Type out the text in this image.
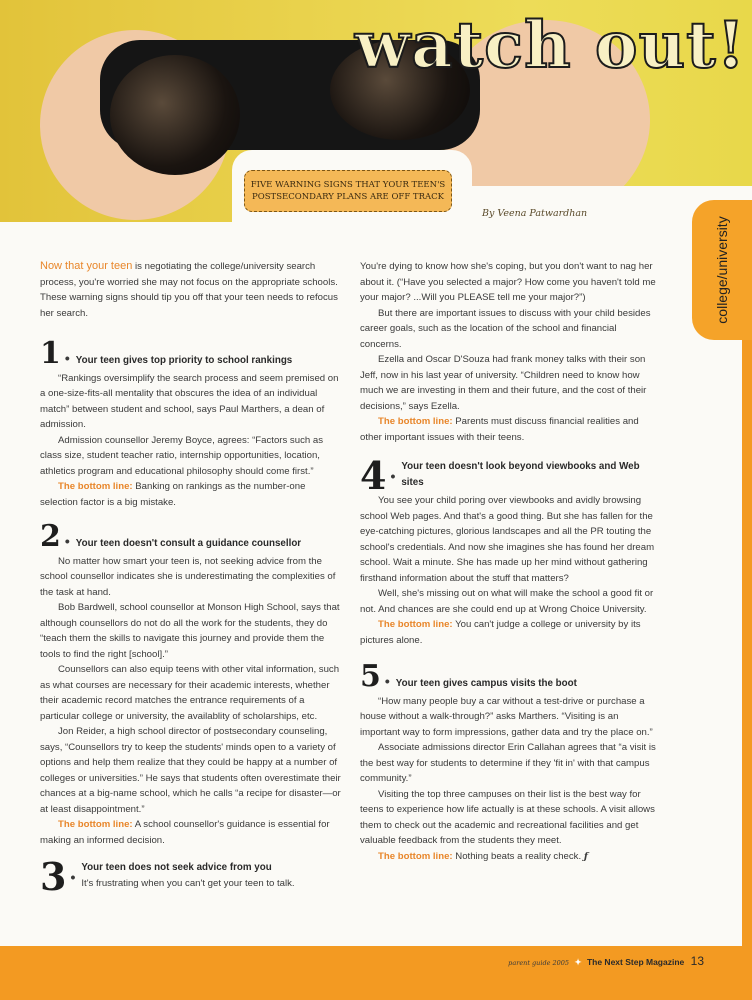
watch out!
FIVE WARNING SIGNS THAT YOUR TEEN'S POSTSECONDARY PLANS ARE OFF TRACK
By Veena Patwardhan
college/university

Now that your teen is negotiating the college/university search process, you're worried she may not focus on the appropriate schools. These warning signs should tip you off that your teen needs to refocus her search.

1 • Your teen gives top priority to school rankings

“Rankings oversimplify the search process and seem premised on a one-size-fits-all mentality that obscures the idea of an individual match” between student and school, says Paul Marthers, a dean of admission.

Admission counsellor Jeremy Boyce, agrees: “Factors such as class size, student teacher ratio, internship opportunities, location, athletics program and educational philosophy should come first.”

The bottom line: Banking on rankings as the number-one selection factor is a big mistake.

2 • Your teen doesn't consult a guidance counsellor

No matter how smart your teen is, not seeking advice from the school counsellor indicates she is underestimating the complexities of the task at hand.

Bob Bardwell, school counsellor at Monson High School, says that although counsellors do not do all the work for the students, they do “teach them the skills to navigate this journey and provide them the tools to find the right [school].”

Counsellors can also equip teens with other vital information, such as what courses are necessary for their academic interests, whether their academic record matches the entrance requirements of a particular college or university, the availablity of scholarships, etc.

Jon Reider, a high school director of postsecondary counseling, says, “Counsellors try to keep the students' minds open to a variety of options and help them realize that they could be happy at a number of colleges or universities.” He says that students often overestimate their chances at a big-name school, which he calls “a recipe for disaster—or at least disappointment.”

The bottom line: A school counsellor's guidance is essential for making an informed decision.

3 •
Your teen does not seek advice from you
It's frustrating when you can't get your teen to talk.

You're dying to know how she's coping, but you don't want to nag her about it. (“Have you selected a major? How come you haven't told me your major? ...Will you PLEASE tell me your major?”)

But there are important issues to discuss with your child besides career goals, such as the location of the school and financial concerns.

Ezella and Oscar D'Souza had frank money talks with their son Jeff, now in his last year of university. “Children need to know how much we are investing in them and their future, and the cost of their decisions,” says Ezella.

The bottom line: Parents must discuss financial realities and other important issues with their teens.

4 •
Your teen doesn't look beyond viewbooks and Web sites

You see your child poring over viewbooks and avidly browsing school Web pages. And that's a good thing. But she has fallen for the eye-catching pictures, glorious landscapes and all the PR touting the school's credentials. And now she imagines she has found her dream school. Wait a minute. She has made up her mind without gathering firsthand information about the stuff that matters?

Well, she's missing out on what will make the school a good fit or not. And chances are she could end up at Wrong Choice University.

The bottom line: You can't judge a college or university by its pictures alone.

5 • Your teen gives campus visits the boot

“How many people buy a car without a test-drive or purchase a house without a walk-through?” asks Marthers. “Visiting is an important way to form impressions, gather data and try the place on.”

Associate admissions director Erin Callahan agrees that “a visit is the best way for students to determine if they 'fit in' with that campus community.”

Visiting the top three campuses on their list is the best way for teens to experience how life actually is at these schools. A visit allows them to check out the academic and recreational facilities and get valuable feedback from the students they meet.

The bottom line: Nothing beats a reality check. ƒ

parent guide 2005 ✦ The Next Step Magazine 13
